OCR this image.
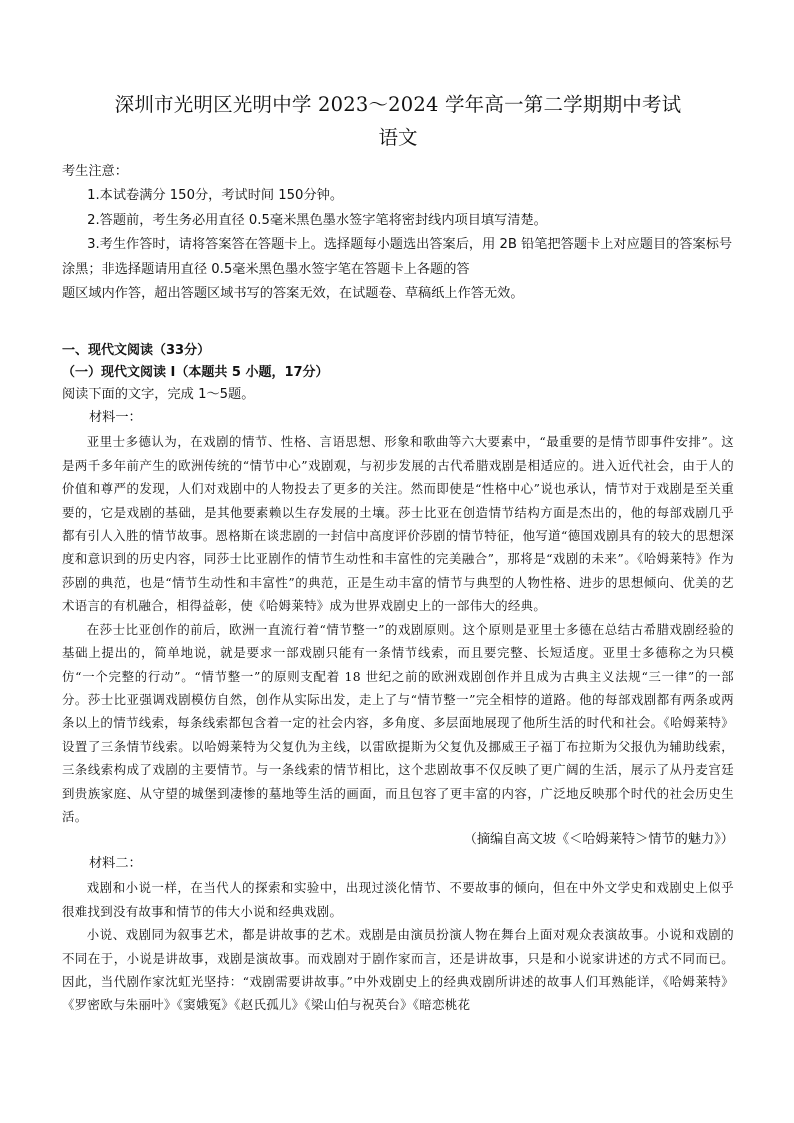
深圳市光明区光明中学 2023～2024 学年高一第二学期期中考试

语文

考生注意：

1.本试卷满分 150分，考试时间 150分钟。

2.答题前，考生务必用直径 0.5毫米黑色墨水签字笔将密封线内项目填写清楚。

3.考生作答时，请将答案答在答题卡上。选择题每小题选出答案后，用 2B 铅笔把答题卡上对应题目的答案标号涂黑；非选择题请用直径 0.5毫米黑色墨水签字笔在答题卡上各题的答

题区域内作答，超出答题区域书写的答案无效，在试题卷、草稿纸上作答无效。

一、现代文阅读（33分）

（一）现代文阅读 I（本题共 5 小题，17分）

阅读下面的文字，完成 1～5题。

材料一：

亚里士多德认为，在戏剧的情节、性格、言语思想、形象和歌曲等六大要素中，“最重要的是情节即事件安排”。这是两千多年前产生的欧洲传统的“情节中心”戏剧观，与初步发展的古代希腊戏剧是相适应的。进入近代社会，由于人的价值和尊严的发现，人们对戏剧中的人物投去了更多的关注。然而即使是“性格中心”说也承认，情节对于戏剧是至关重要的，它是戏剧的基础，是其他要素赖以生存发展的土壤。莎士比亚在创造情节结构方面是杰出的，他的每部戏剧几乎都有引人入胜的情节故事。恩格斯在谈悲剧的一封信中高度评价莎剧的情节特征，他写道“德国戏剧具有的较大的思想深度和意识到的历史内容，同莎士比亚剧作的情节生动性和丰富性的完美融合”，那将是“戏剧的未来”。《哈姆莱特》作为莎剧的典范，也是“情节生动性和丰富性”的典范，正是生动丰富的情节与典型的人物性格、进步的思想倾向、优美的艺术语言的有机融合，相得益彰，使《哈姆莱特》成为世界戏剧史上的一部伟大的经典。

在莎士比亚创作的前后，欧洲一直流行着“情节整一”的戏剧原则。这个原则是亚里士多德在总结古希腊戏剧经验的基础上提出的，简单地说，就是要求一部戏剧只能有一条情节线索，而且要完整、长短适度。亚里士多德称之为只模仿“一个完整的行动”。“情节整一”的原则支配着 18 世纪之前的欧洲戏剧创作并且成为古典主义法规“三一律”的一部分。莎士比亚强调戏剧模仿自然，创作从实际出发，走上了与“情节整一”完全相悖的道路。他的每部戏剧都有两条或两条以上的情节线索，每条线索都包含着一定的社会内容，多角度、多层面地展现了他所生活的时代和社会。《哈姆莱特》设置了三条情节线索。以哈姆莱特为父复仇为主线，以雷欧提斯为父复仇及挪威王子福丁布拉斯为父报仇为辅助线索，三条线索构成了戏剧的主要情节。与一条线索的情节相比，这个悲剧故事不仅反映了更广阔的生活，展示了从丹麦宫廷到贵族家庭、从守望的城堡到凄惨的墓地等生活的画面，而且包容了更丰富的内容，广泛地反映那个时代的社会历史生活。

（摘编自高文坡《＜哈姆莱特＞情节的魅力》）

材料二：

戏剧和小说一样，在当代人的探索和实验中，出现过淡化情节、不要故事的倾向，但在中外文学史和戏剧史上似乎很难找到没有故事和情节的伟大小说和经典戏剧。

小说、戏剧同为叙事艺术，都是讲故事的艺术。戏剧是由演员扮演人物在舞台上面对观众表演故事。小说和戏剧的不同在于，小说是讲故事，戏剧是演故事。而戏剧对于剧作家而言，还是讲故事，只是和小说家讲述的方式不同而已。因此，当代剧作家沈虹光坚持：“戏剧需要讲故事。”中外戏剧史上的经典戏剧所讲述的故事人们耳熟能详，《哈姆莱特》《罗密欧与朱丽叶》《窦娥冤》《赵氏孤儿》《梁山伯与祝英台》《暗恋桃花
